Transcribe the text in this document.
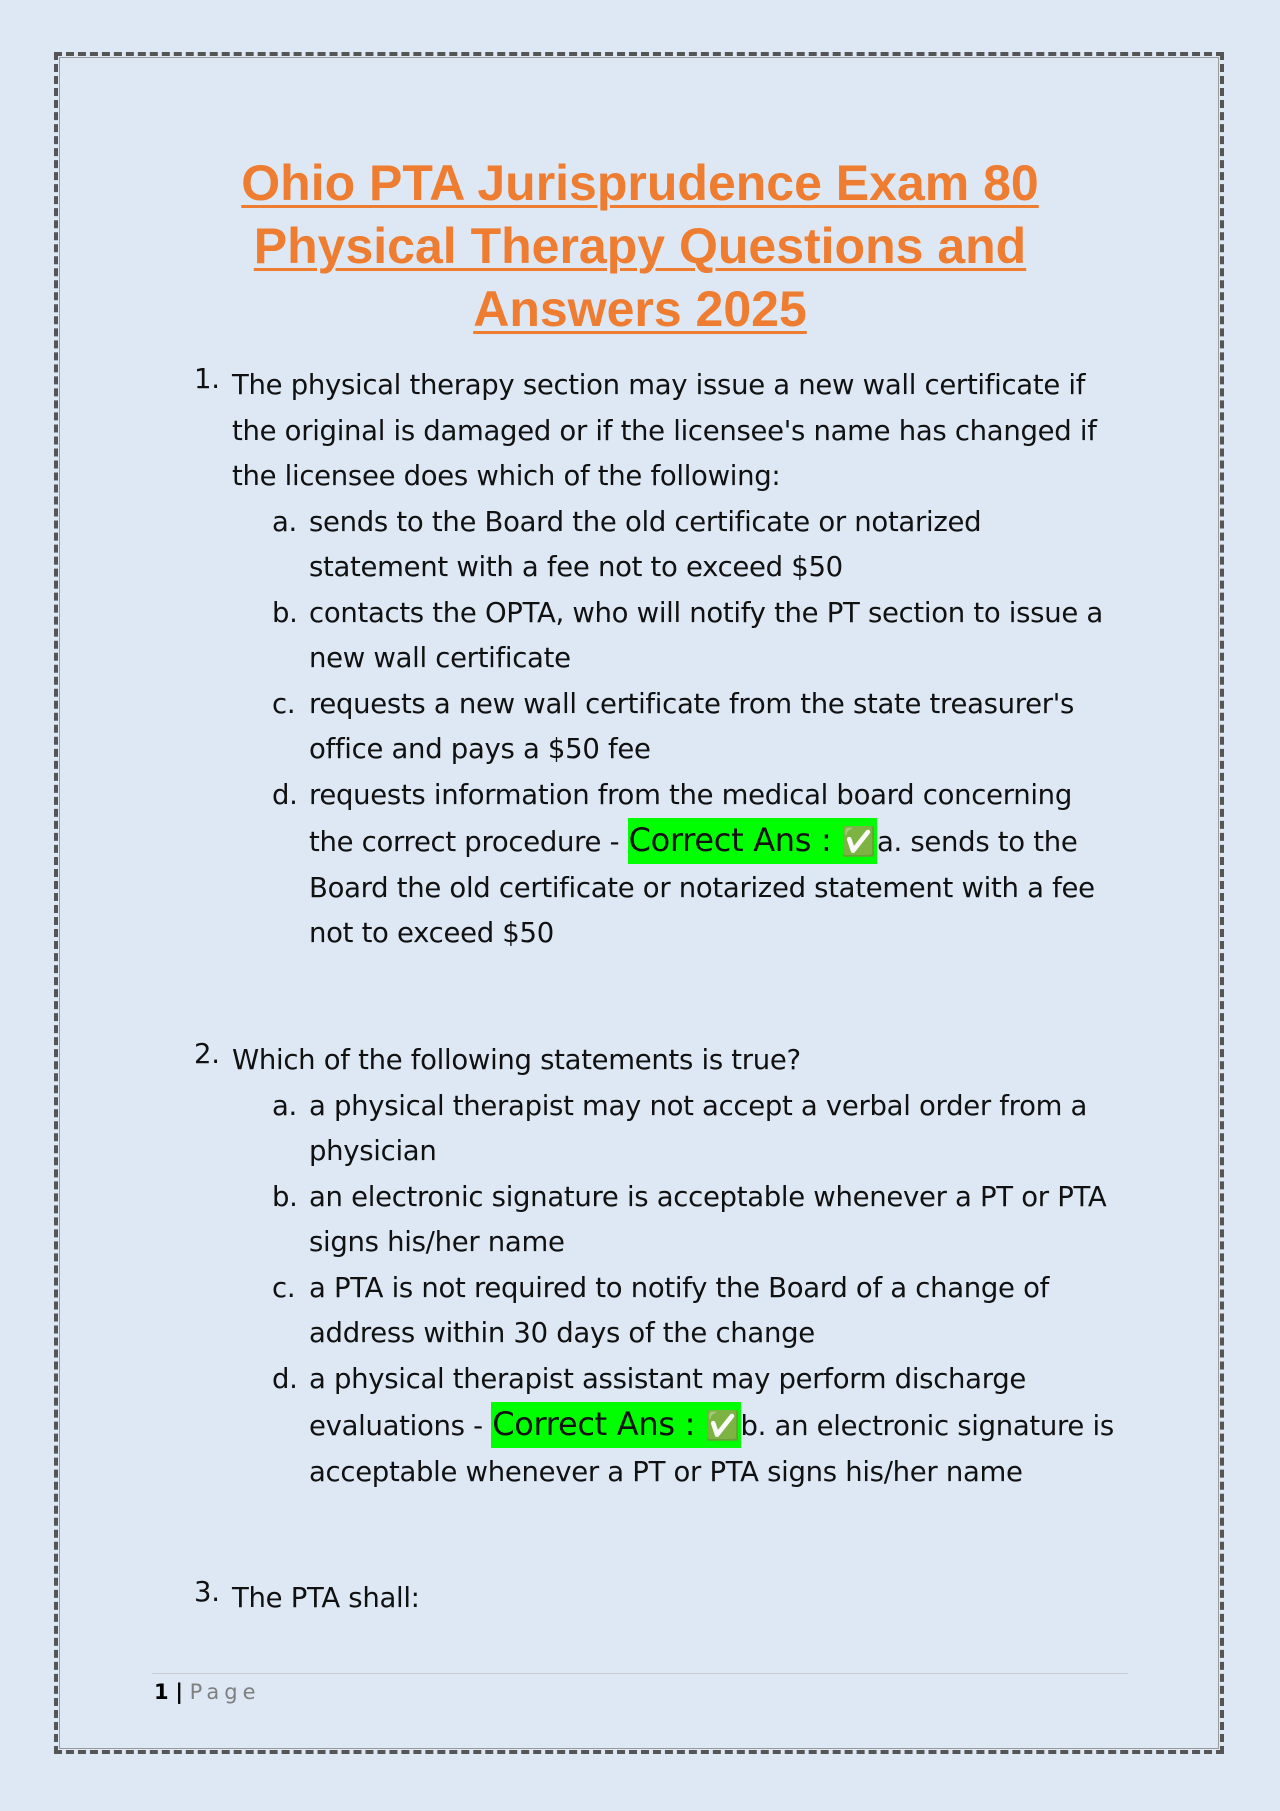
Ohio PTA Jurisprudence Exam 80
Physical Therapy Questions and
Answers 2025
1. The physical therapy section may issue a new wall certificate if the original is damaged or if the licensee's name has changed if the licensee does which of the following:
a. sends to the Board the old certificate or notarized statement with a fee not to exceed $50
b. contacts the OPTA, who will notify the PT section to issue a new wall certificate
c. requests a new wall certificate from the state treasurer's office and pays a $50 fee
d. requests information from the medical board concerning the correct procedure - Correct Ans : ✅a. sends to the Board the old certificate or notarized statement with a fee not to exceed $50
2. Which of the following statements is true?
a. a physical therapist may not accept a verbal order from a physician
b. an electronic signature is acceptable whenever a PT or PTA signs his/her name
c. a PTA is not required to notify the Board of a change of address within 30 days of the change
d. a physical therapist assistant may perform discharge evaluations - Correct Ans : ✅b. an electronic signature is acceptable whenever a PT or PTA signs his/her name
3. The PTA shall:
1 | Page
